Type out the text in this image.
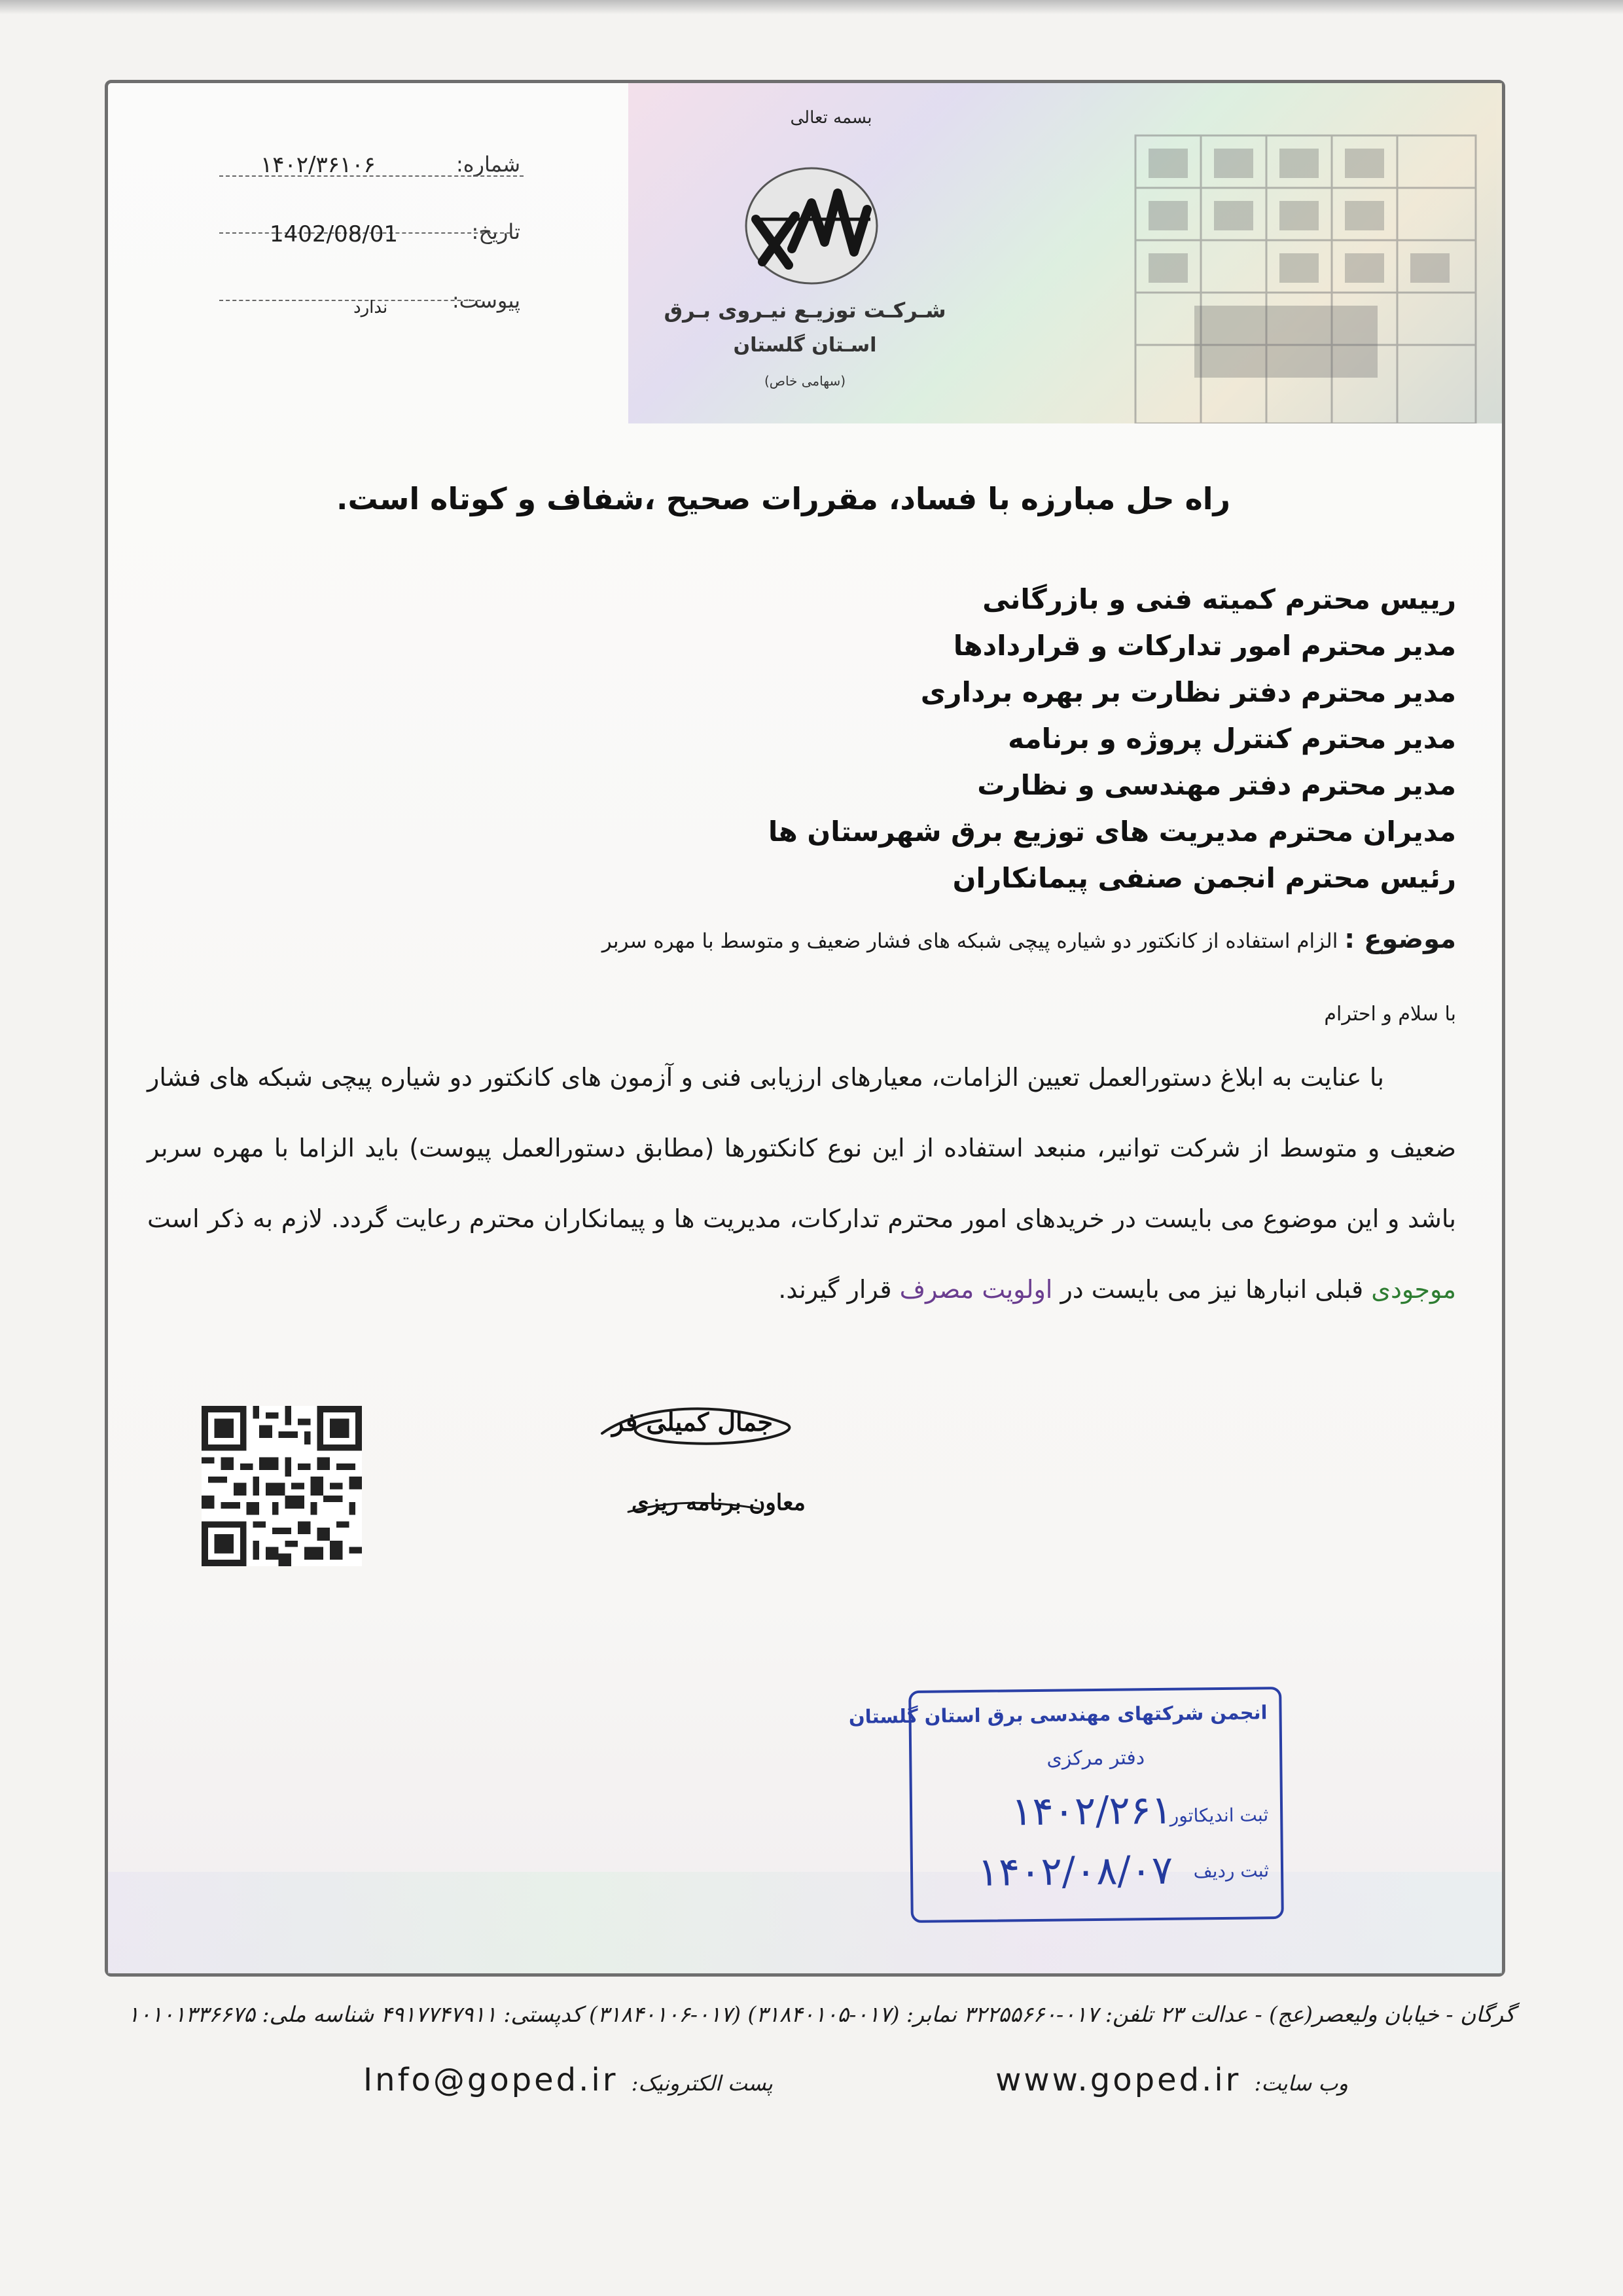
بسمه تعالی
شـرکـت توزیـع نیـروی بـرق
اسـتان گلستان
(سهامی خاص)
شماره:
۱۴۰۲/۳۶۱۰۶
تاریخ:
1402/08/01
پیوست:
ندارد
راه حل مبارزه با فساد، مقررات صحیح ،شفاف و کوتاه است.
رییس محترم کمیته فنی و بازرگانی
مدیر محترم امور تدارکات و قراردادها
مدیر محترم دفتر نظارت بر بهره برداری
مدیر محترم کنترل پروژه و برنامه
مدیر محترم دفتر مهندسی و نظارت
مدیران محترم مدیریت های توزیع برق شهرستان ها
رئیس محترم انجمن صنفی پیمانکاران
موضوع : الزام استفاده از کانکتور دو شیاره پیچی شبکه های فشار ضعیف و متوسط با مهره سربر
با سلام و احترام
با عنایت به ابلاغ دستورالعمل تعیین الزامات، معیارهای ارزیابی فنی و آزمون های کانکتور دو شیاره پیچی شبکه های فشار ضعیف و متوسط از شرکت توانیر، منبعد استفاده از این نوع کانکتورها (مطابق دستورالعمل پیوست) باید الزاما با مهره سربر باشد و این موضوع می بایست در خریدهای امور محترم تدارکات، مدیریت ها و پیمانکاران محترم رعایت گردد. لازم به ذکر است موجودی قبلی انبارها نیز می بایست در اولویت مصرف قرار گیرند.
جمال کمیلی فر
معاون برنامه ریزی
انجمن شرکتهای مهندسی برق استان گلستان
دفتر مرکزی
ثبت اندیکاتور
۱۴۰۲/۲۶۱
ثبت ردیف
۱۴۰۲/۰۸/۰۷
گرگان - خیابان ولیعصر(عج) - عدالت ۲۳ تلفن: ۰۱۷-۳۲۲۵۵۶۶۰ نمابر: (۰۱۷-۳۱۸۴۰۱۰۵) (۰۱۷-۳۱۸۴۰۱۰۶) کدپستی: ۴۹۱۷۷۴۷۹۱۱ شناسه ملی: ۱۰۱۰۱۳۳۶۶۷۵
وب سایت: www.goped.ir
پست الکترونیک: Info@goped.ir
